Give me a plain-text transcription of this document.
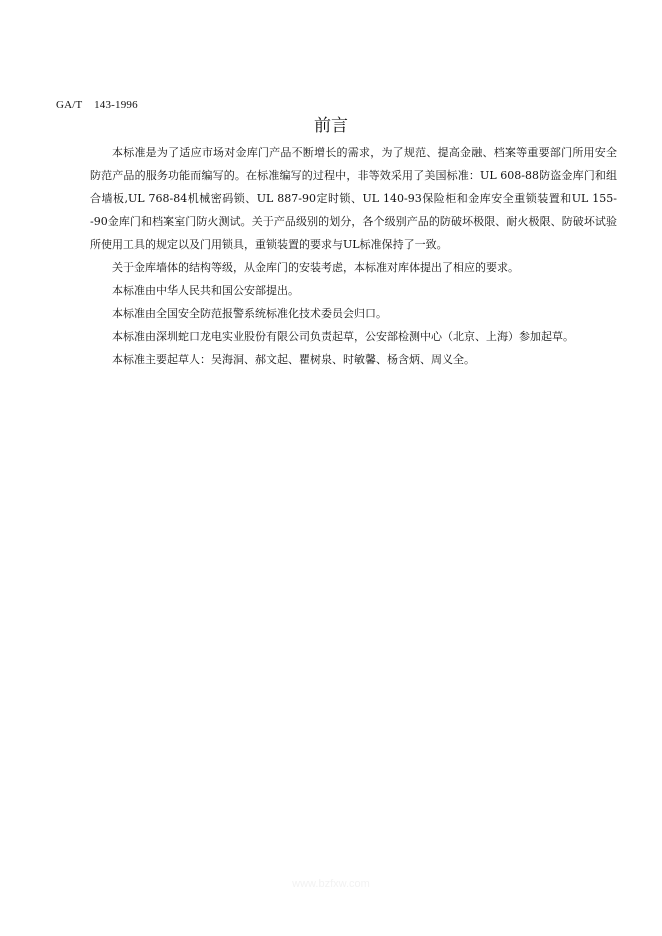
GA/T    143-1996
前言

本标准是为了适应市场对金库门产品不断增长的需求，为了规范、提高金融、档案等重要部门所用安全防范产品的服务功能而编写的。在标准编写的过程中，非等效采用了美国标准：UL 608-88防盗金库门和组合墙板,UL 768-84机械密码锁、UL 887-90定时锁、UL 140-93保险柜和金库安全重锁装置和UL 155--90金库门和档案室门防火测试。关于产品级别的划分，各个级别产品的防破坏极限、耐火极限、防破坏试验所使用工具的规定以及门用锁具，重锁装置的要求与UL标准保持了一致。

关于金库墙体的结构等级，从金库门的安装考虑，本标准对库体提出了相应的要求。

本标准由中华人民共和国公安部提出。

本标准由全国安全防范报警系统标准化技术委员会归口。

本标准由深圳蛇口龙电实业股份有限公司负责起草，公安部检测中心（北京、上海）参加起草。

本标准主要起草人：吴海洞、郝文起、瞿树泉、时敏馨、杨含炳、周义全。

www.bzfxw.com
